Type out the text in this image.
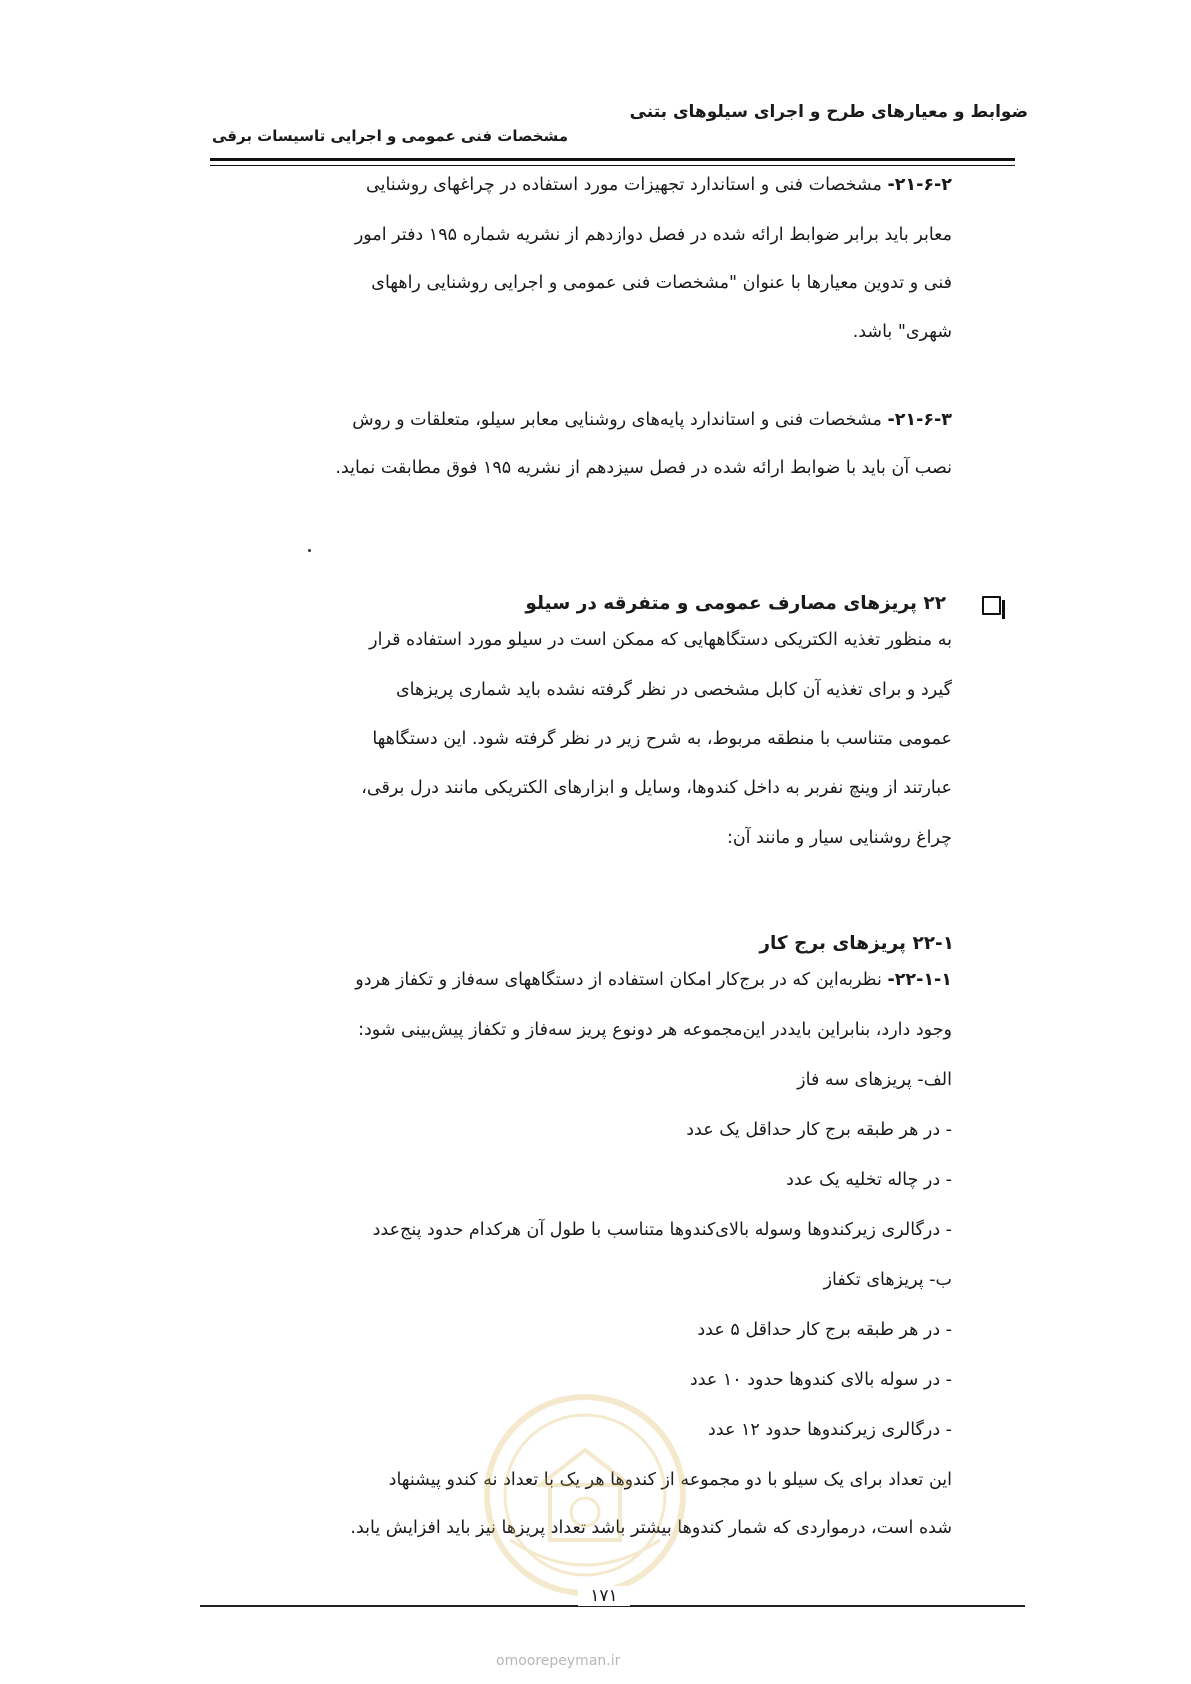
ضوابط و معیارهای طرح و اجرای سیلوهای بتنی
مشخصات فنی عمومی و اجرایی تاسیسات برقی
۲۱-۶-۲- مشخصات فنی و استاندارد تجهیزات مورد استفاده در چراغهای روشنایی
معابر باید برابر ضوابط ارائه شده در فصل دوازدهم از نشریه شماره ۱۹۵ دفتر امور
فنی و تدوین معیارها با عنوان "مشخصات فنی عمومی و اجرایی روشنایی راههای
شهری" باشد.
۲۱-۶-۳- مشخصات فنی و استاندارد پایه‌های روشنایی معابر سیلو، متعلقات و روش
نصب آن باید با ضوابط ارائه شده در فصل سیزدهم از نشریه ۱۹۵ فوق مطابقت نماید.
۲۲ پریزهای مصارف عمومی و متفرقه در سیلو
به منظور تغذیه الکتریکی دستگاههایی که ممکن است در سیلو مورد استفاده قرار
گیرد و برای تغذیه آن کابل مشخصی در نظر گرفته نشده باید شماری پریزهای
عمومی متناسب با منطقه مربوط، به شرح زیر در نظر گرفته شود. این دستگاهها
عبارتند از وینچ نفربر به داخل کندوها، وسایل و ابزارهای الکتریکی مانند درل برقی،
چراغ روشنایی سیار و مانند آن:
۲۲-۱ پریزهای برج کار
۲۲-۱-۱- نظربه‌این که در برج‌کار امکان استفاده از دستگاههای سه‌فاز و تکفاز هردو
وجود دارد، بنابراین بایددر این‌مجموعه هر دونوع پریز سه‌فاز و تکفاز پیش‌بینی شود:
الف- پریزهای سه فاز
- در هر طبقه برج کار حداقل یک عدد
- در چاله تخلیه یک عدد
- درگالری زیرکندوها وسوله بالای‌کندوها متناسب با طول آن هرکدام حدود پنج‌عدد
ب- پریزهای تکفاز
- در هر طبقه برج کار حداقل ۵ عدد
- در سوله بالای کندوها حدود ۱۰ عدد
- درگالری زیرکندوها حدود ۱۲ عدد
این تعداد برای یک سیلو با دو مجموعه از کندوها هر یک با تعداد نه کندو پیشنهاد
شده است، درمواردی که شمار کندوها بیشتر باشد تعداد پریزها نیز باید افزایش یابد.
۱۷۱
omoorepeyman.ir
